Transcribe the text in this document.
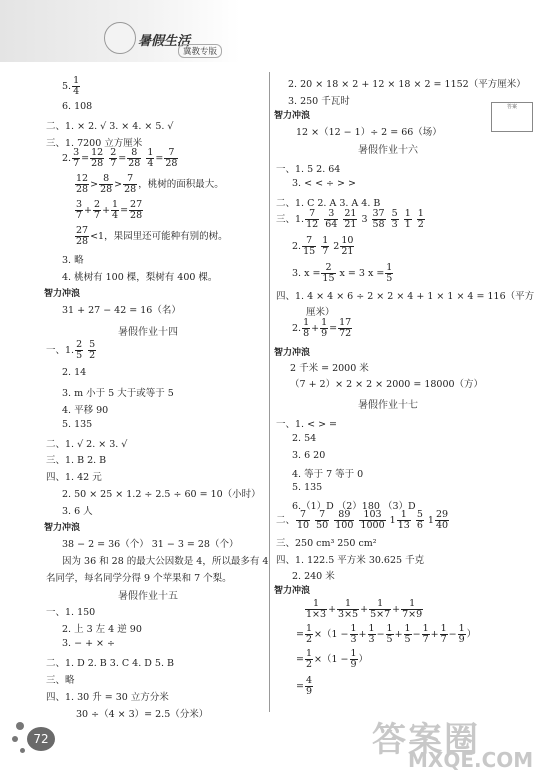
暑假生活
冀教专版
答案
5. $\frac{1}{4}$
6. 108
二、1. × 2. √ 3. × 4. × 5. √
三、1. 7200 立方厘米
2. $\frac{3}{7} = \frac{12}{28}$
$\frac{2}{7} = \frac{8}{28}$
$\frac{1}{4} = \frac{7}{28}$
$\frac{12}{28} > \frac{8}{28} > \frac{7}{28}$ ，桃树的面积最大。
$\frac{3}{7} + \frac{2}{7} + \frac{1}{4} = \frac{27}{28}$
$\frac{27}{28} <1$，果园里还可能种有别的树。
3. 略
4. 桃树有 100 棵，梨树有 400 棵。
智力冲浪
31 + 27 − 42 = 16（名）
暑假作业十四
一、1. $\frac{2}{5}$
$\frac{5}{2}$
2. 14
3. m 小于 5 大于或等于 5
4. 平移 90
5. 135
二、1. √ 2. × 3. √
三、1. B 2. B
四、1. 42 元
2. 50 × 25 × 1.2 ÷ 2.5 ÷ 60 = 10（小时）
3. 6 人
智力冲浪
38 − 2 = 36（个） 31 − 3 = 28（个）
因为 36 和 28 的最大公因数是 4，所以最多有 4
名同学，每名同学分得 9 个苹果和 7 个梨。
暑假作业十五
一、1. 150
2. 上 3 左 4 逆 90
3. − + × ÷
二、1. D 2. B 3. C 4. D 5. B
三、略
四、1. 30 升 = 30 立方分米
30 ÷（4 × 3）= 2.5（分米）
2. 20 × 18 × 2 + 12 × 18 × 2 = 1152（平方厘米）
3. 250 千瓦时
智力冲浪
12 ×（12 − 1）÷ 2 = 66（场）
暑假作业十六
一、1. 5 2. 64
3. < < ÷ > >
二、1. C 2. A 3. A 4. B
三、1. $\frac{7}{12}$
$\frac{3}{64}$
$\frac{21}{21} 3 \frac{37}{58}$
$\frac{5}{3}$
$\frac{1}{1}$
$\frac{1}{2}$
2. $\frac{7}{15}$
$\frac{1}{7} 2 \frac{10}{21}$
3. $x = \frac{2}{15}$ x = 3 $x = \frac{1}{5}$
四、1. 4 × 4 × 6 ÷ 2 × 2 × 4 + 1 × 1 × 4 = 116（平方
厘米）
2. $\frac{1}{8} + \frac{1}{9} = \frac{17}{72}$
智力冲浪
2 千米 = 2000 米
（7 + 2）× 2 × 2 × 2000 = 18000（方）
暑假作业十七
一、1. < > =
2. 54
3. 6 20
4. 等于 7 等于 0
5. 135
6.（1）D （2）180 （3）D
二、 $\frac{7}{10}$
$\frac{7}{50}$
$\frac{89}{100}$
$\frac{103}{1000} 1 \frac{1}{13}$
$\frac{5}{6} 1 \frac{29}{40}$
三、250 cm³ 250 cm²
四、1. 122.5 平方米 30.625 千克
2. 240 米
智力冲浪
$\frac{1}{1\times 3} + \frac{1}{3\times 5} + \frac{1}{5\times 7} + \frac{1}{7\times 9}$
= $\frac{1}{2} \times(1 - \frac{1}{3} + \frac{1}{3} - \frac{1}{5} + \frac{1}{5} - \frac{1}{7} + \frac{1}{7} - \frac{1}{9}$ ）
= $\frac{1}{2} \times(1 - \frac{1}{9}$ ）
= $\frac{4}{9}$
72	答案圈
MXQE.COM
